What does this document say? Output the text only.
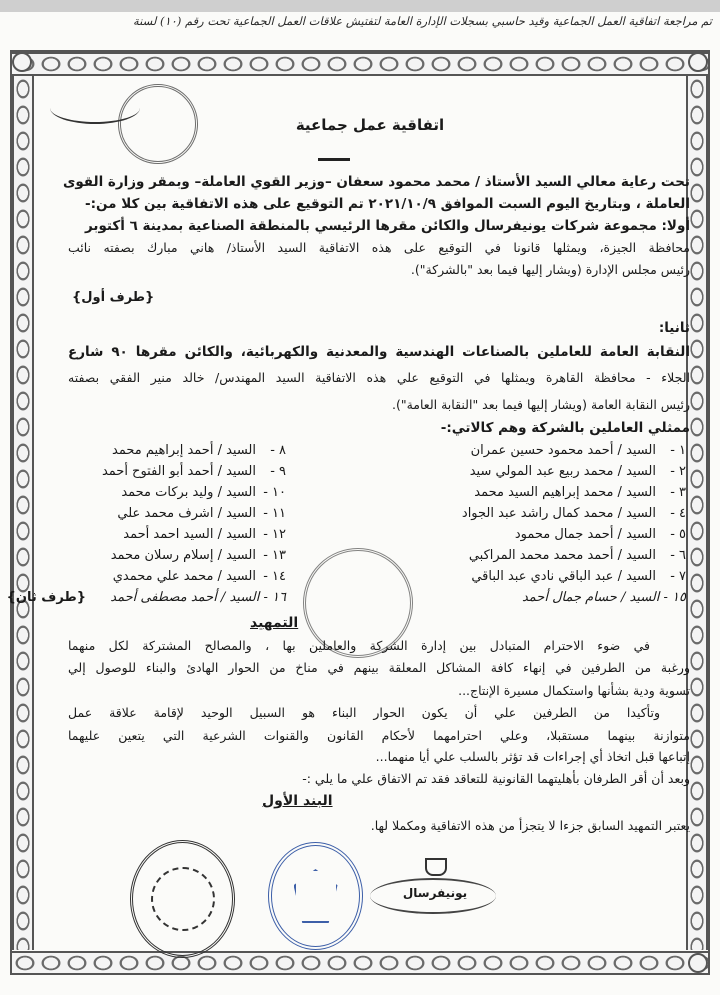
تم مراجعة اتفاقية العمل الجماعية وقيد حاسبي بسجلات الإدارة العامة لتفتيش علاقات العمل الجماعية تحت رقم (١٠) لسنة
اتفاقية عمل جماعية
تحت رعاية معالي السيد الأستاذ / محمد محمود سعفان –وزير القوي العاملة– وبمقر وزارة القوى
العاملة ، وبتاريخ اليوم السبت الموافق ٢٠٢١/١٠/٩ تم التوقيع على هذه الاتفاقية بين كلا من:-
أولا: مجموعة شركات يونيفرسال والكائن مقرها الرئيسي بالمنطقة الصناعية بمدينة ٦ أكتوبر
محافظة الجيزة، ويمثلها قانونا في التوقيع على هذه الاتفاقية السيد الأستاذ/ هاني مبارك بصفته نائب
رئيس مجلس الإدارة (ويشار إليها فيما بعد "بالشركة").
{طرف أول}
ثانيا:
النقابة العامة للعاملين بالصناعات الهندسية والمعدنية والكهربائية، والكائن مقرها ٩٠ شارع
الجلاء - محافظة القاهرة ويمثلها في التوقيع علي هذه الاتفاقية السيد المهندس/ خالد منير الفقي بصفته
رئيس النقابة العامة (ويشار إليها فيما بعد "النقابة العامة").
ممثلي العاملين بالشركة وهم كالاتي:-
١ -السيد / أحمد محمود حسين عمران
٨ -السيد / أحمد إبراهيم محمد
٢ -السيد / محمد ربيع عبد المولي سيد
٩ -السيد / أحمد أبو الفتوح أحمد
٣ -السيد / محمد إبراهيم السيد محمد
١٠ -السيد / وليد بركات محمد
٤ -السيد / محمد كمال راشد عبد الجواد
١١ -السيد / اشرف محمد علي
٥ -السيد / أحمد جمال محمود
١٢ -السيد / السيد احمد أحمد
٦ -السيد / أحمد محمد محمد المراكبي
١٣ -السيد / إسلام رسلان محمد
٧ -السيد / عبد الباقي نادي عبد الباقي
١٤ -السيد / محمد علي محمدي
١٥ - السيد / حسام جمال أحمد
١٦ - السيد / أحمد مصطفى أحمد
{طرف ثان}
التمهيد
في ضوء الاحترام المتبادل بين إدارة الشركة والعاملين بها ، والمصالح المشتركة لكل منهما
ورغبة من الطرفين في إنهاء كافة المشاكل المعلقة بينهم في مناخ من الحوار الهادئ والبناء للوصول إلي
تسوية ودية بشأنها واستكمال مسيرة الإنتاج...
وتأكيدا من الطرفين علي أن يكون الحوار البناء هو السبيل الوحيد لإقامة علاقة عمل
متوازنة بينهما مستقبلا، وعلي احترامهما لأحكام القانون والقنوات الشرعية التي يتعين عليهما
إتباعها قبل اتخاذ أي إجراءات قد تؤثر بالسلب علي أيا منهما...
وبعد أن أقر الطرفان بأهليتهما القانونية للتعاقد فقد تم الاتفاق علي ما يلي :-
البند الأول
يعتبر التمهيد السابق جزءا لا يتجزأ من هذه الاتفاقية ومكملا لها.
يونيفرسال
